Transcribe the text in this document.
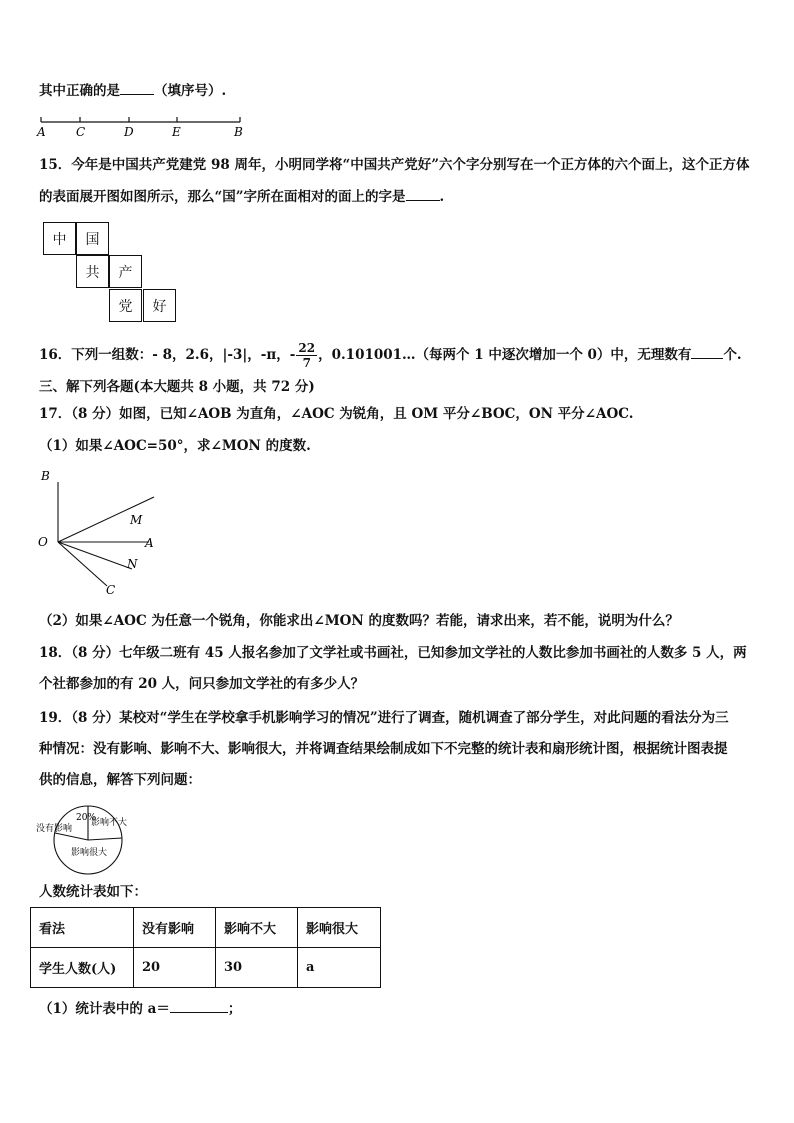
其中正确的是	（填序号）.
A	C	D	E	B
15．今年是中国共产党建党 98 周年，小明同学将“中国共产党好”六个字分别写在一个正方体的六个面上，这个正方体
的表面展开图如图所示，那么“国”字所在面相对的面上的字是	.
中	国
共	产
党	好
16．下列一组数：- 8，2.6，|-3|，-π，- $\frac{22}{7}$ ，0.101001…（每两个 1 中逐次增加一个 0）中，无理数有 个.
三、解下列各题(本大题共 8 小题，共 72 分)
17．（8 分）如图，已知∠AOB 为直角，∠AOC 为锐角，且 OM 平分∠BOC，ON 平分∠AOC.
（1）如果∠AOC=50°，求∠MON 的度数.
B
M
O	A
N
C
（2）如果∠AOC 为任意一个锐角，你能求出∠MON 的度数吗？若能，请求出来，若不能，说明为什么？
18．（8 分）七年级二班有 45 人报名参加了文学社或书画社，已知参加文学社的人数比参加书画社的人数多 5 人，两
个社都参加的有 20 人，问只参加文学社的有多少人？
19．（8 分）某校对“学生在学校拿手机影响学习的情况”进行了调查，随机调查了部分学生，对此问题的看法分为三
种情况：没有影响、影响不大、影响很大，并将调查结果绘制成如下不完整的统计表和扇形统计图，根据统计图表提
供的信息，解答下列问题：
20%
没有影响
影响不大
影响很大
人数统计表如下：
看法	没有影响	影响不大	影响很大
学生人数(人)	20	30	a
（1）统计表中的 a＝	；
